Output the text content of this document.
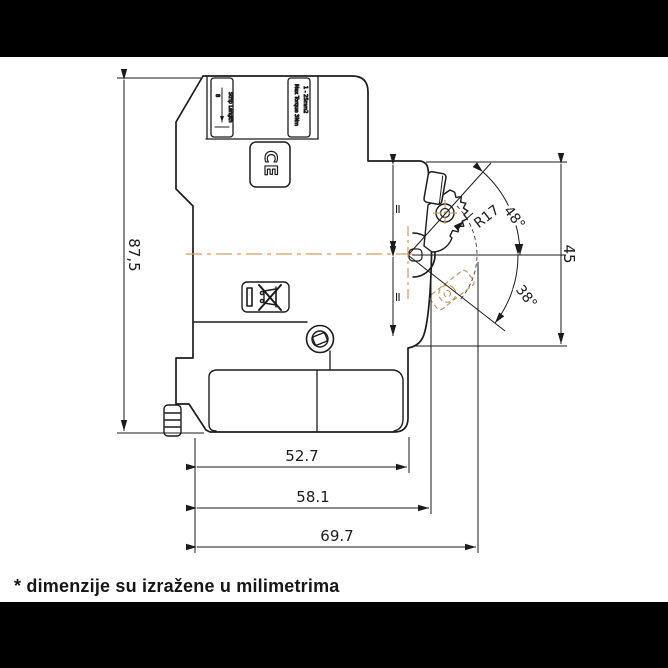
Strip Length
8	Max Torque 3Nm 1 - 25mm2
CE
87,5
52.7
58.1
69.7
45
48°
38°
R17
=
=
* dimenzije su izražene u milimetrima
